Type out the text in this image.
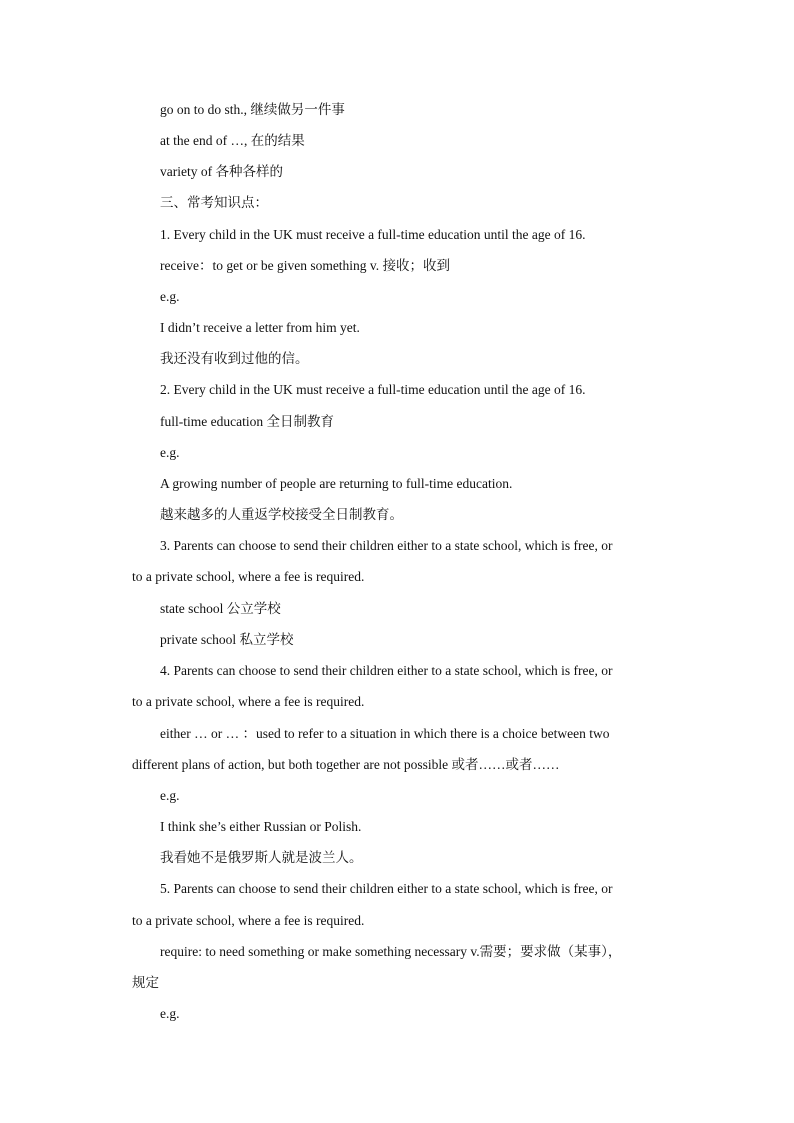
go on to do sth., 继续做另一件事
at the end of …, 在的结果
variety of 各种各样的
三、常考知识点：
1. Every child in the UK must receive a full-time education until the age of 16.
receive：to get or be given something v. 接收；收到
e.g.
I didn’t receive a letter from him yet.
我还没有收到过他的信。
2. Every child in the UK must receive a full-time education until the age of 16.
full-time education 全日制教育
e.g.
A growing number of people are returning to full-time education.
越来越多的人重返学校接受全日制教育。
3. Parents can choose to send their children either to a state school, which is free, or
to a private school, where a fee is required.
state school 公立学校
private school 私立学校
4. Parents can choose to send their children either to a state school, which is free, or
to a private school, where a fee is required.
either … or … ：used to refer to a situation in which there is a choice between two
different plans of action, but both together are not possible 或者……或者……
e.g.
I think she’s either Russian or Polish.
我看她不是俄罗斯人就是波兰人。
5. Parents can choose to send their children either to a state school, which is free, or
to a private school, where a fee is required.
require: to need something or make something necessary v.需要；要求做（某事），
规定
e.g.
